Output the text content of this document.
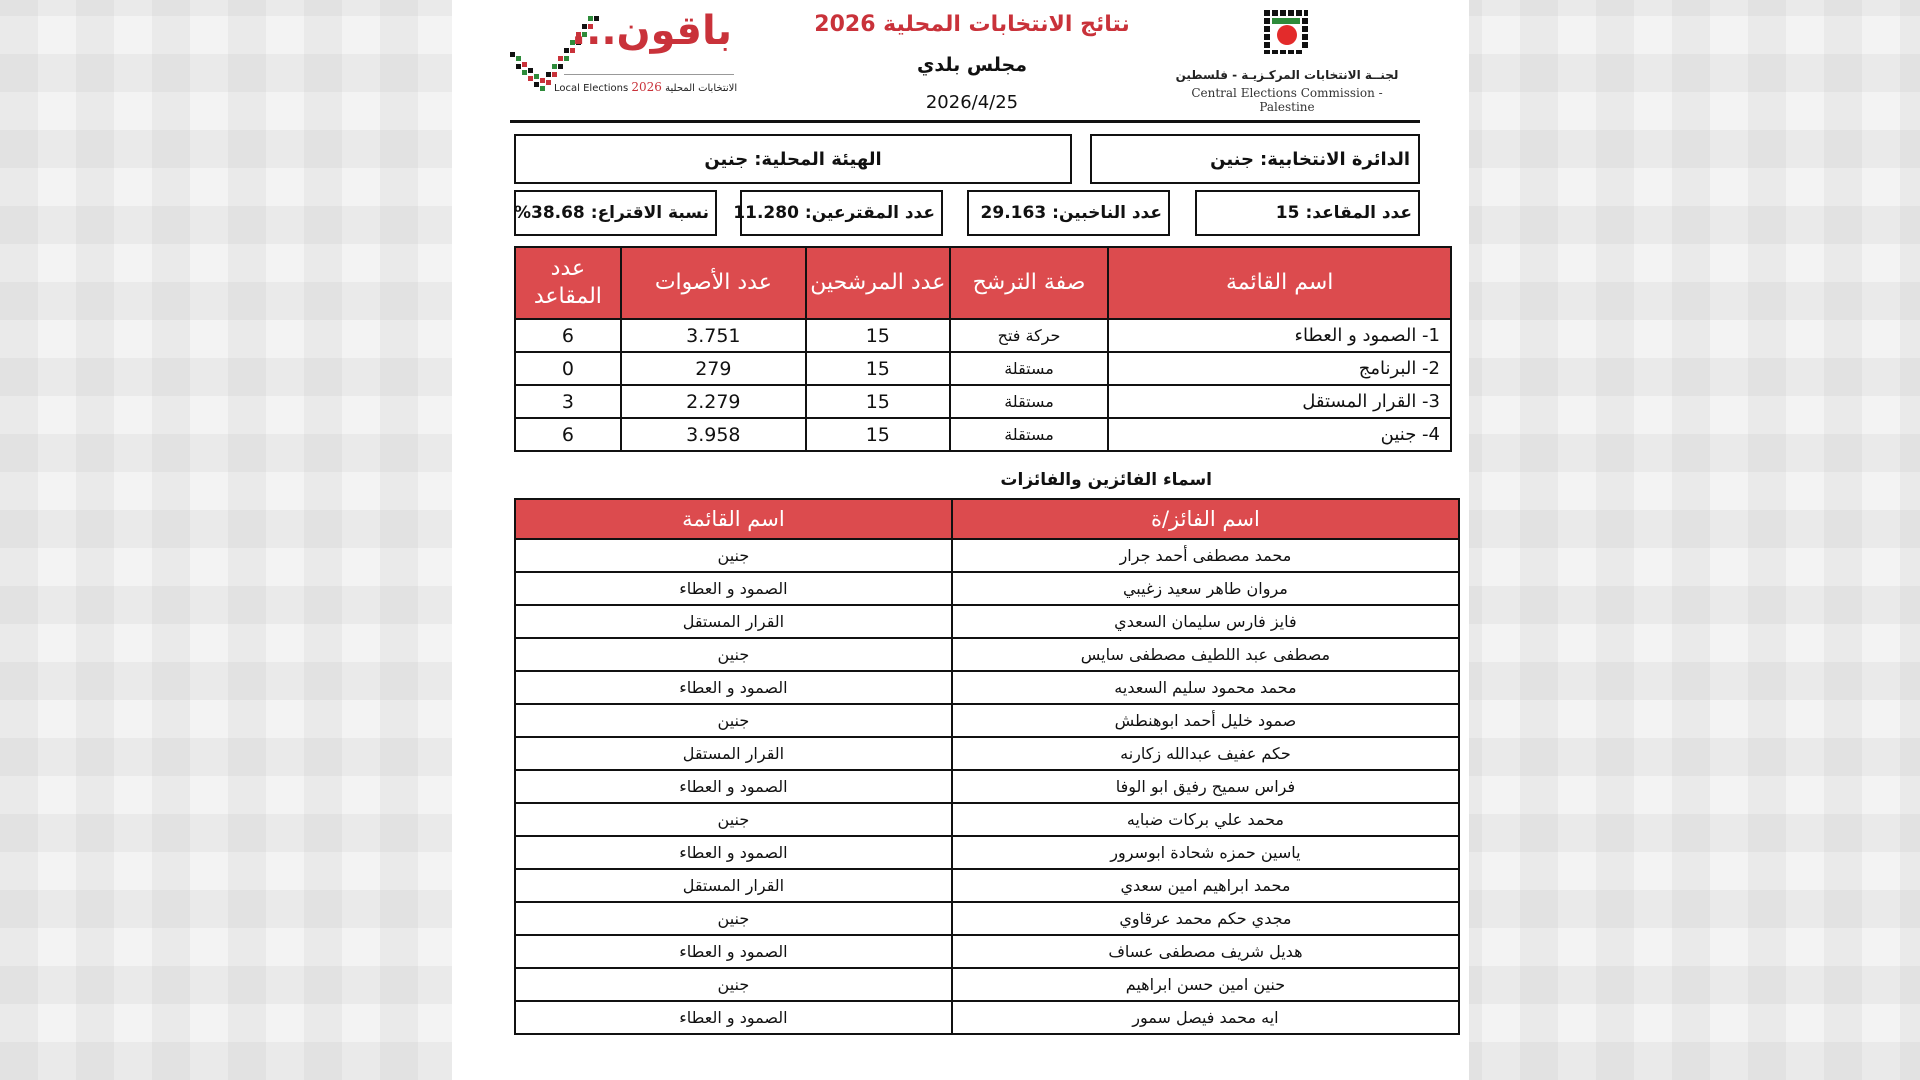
نتائج الانتخابات المحلية 2026
مجلس بلدي
2026/4/25
لجنــة الانتخابات المركـزيـة - فلسطين
Central Elections Commission - Palestine
باقون...
Local Elections 2026 الانتخابات المحلية
الدائرة الانتخابية:
جنين
الهيئة المحلية:
جنين
عدد المقاعد:
15
عدد الناخبين:
29.163
عدد المقترعين:
11.280
نسبة الاقتراع:
%38.68
اسم القائمة	صفة الترشح	عدد المرشحين	عدد الأصوات	عدد المقاعد
1- الصمود و العطاء	حركة فتح	15	3.751	6
2- البرنامج	مستقلة	15	279	0
3- القرار المستقل	مستقلة	15	2.279	3
4- جنين	مستقلة	15	3.958	6
اسماء الفائزين والفائزات
اسم الفائز/ة	اسم القائمة
محمد مصطفى أحمد جرار	جنين
مروان طاهر سعيد زغيبي	الصمود و العطاء
فايز فارس سليمان السعدي	القرار المستقل
مصطفى عبد اللطيف مصطفى سايس	جنين
محمد محمود سليم السعديه	الصمود و العطاء
صمود خليل أحمد ابوهنطش	جنين
حكم عفيف عبدالله زكارنه	القرار المستقل
فراس سميح رفيق ابو الوفا	الصمود و العطاء
محمد علي بركات ضبايه	جنين
ياسين حمزه شحادة ابوسرور	الصمود و العطاء
محمد ابراهيم امين سعدي	القرار المستقل
مجدي حكم محمد عرقاوي	جنين
هديل شريف مصطفى عساف	الصمود و العطاء
حنين امين حسن ابراهيم	جنين
ايه محمد فيصل سمور	الصمود و العطاء
